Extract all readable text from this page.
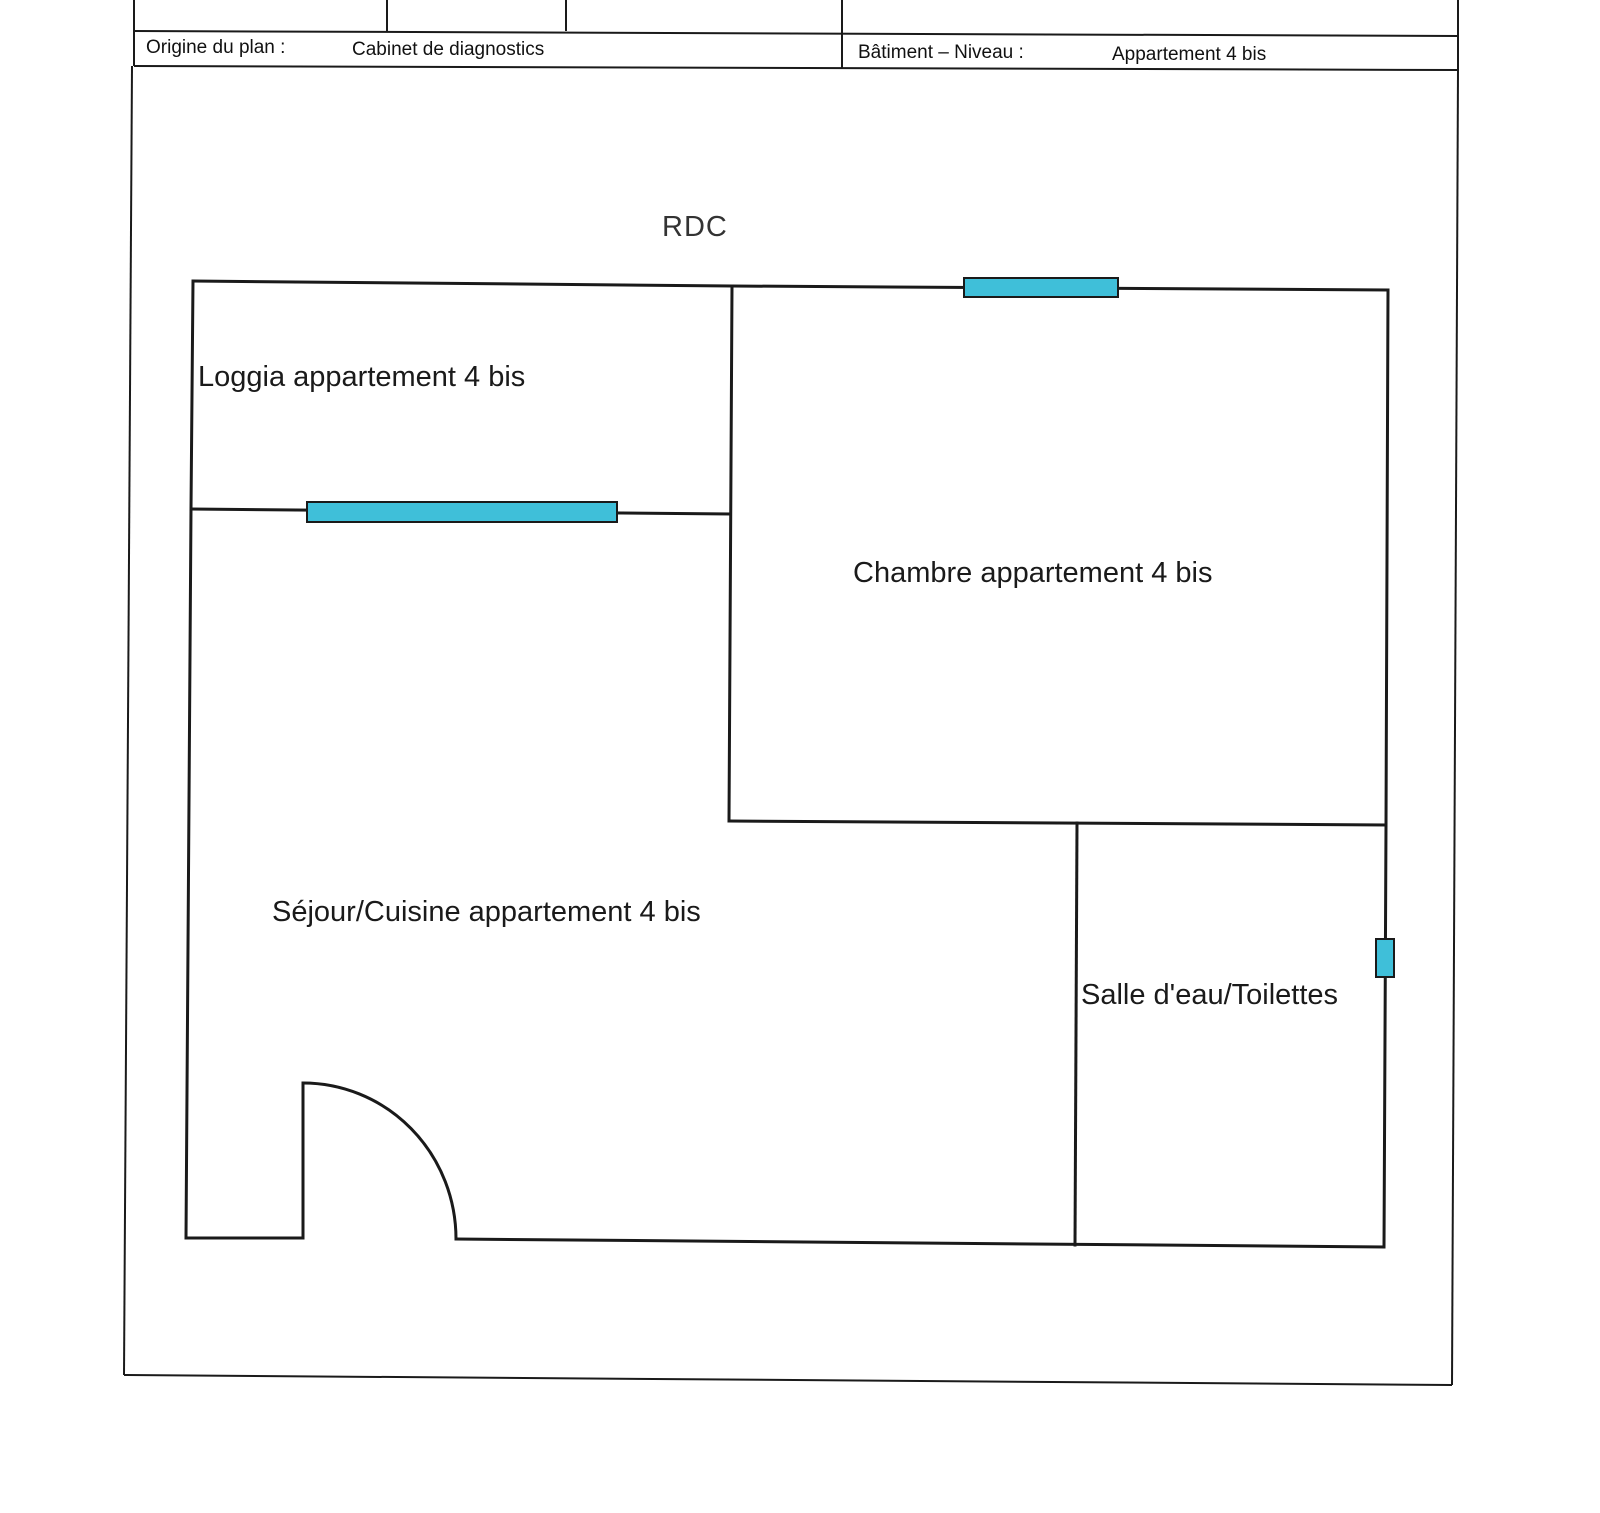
Origine du plan :	Cabinet de diagnostics	Bâtiment – Niveau :	Appartement 4 bis
RDC
Loggia appartement 4 bis
Chambre appartement 4 bis
Séjour/Cuisine appartement 4 bis
Salle d'eau/Toilettes
